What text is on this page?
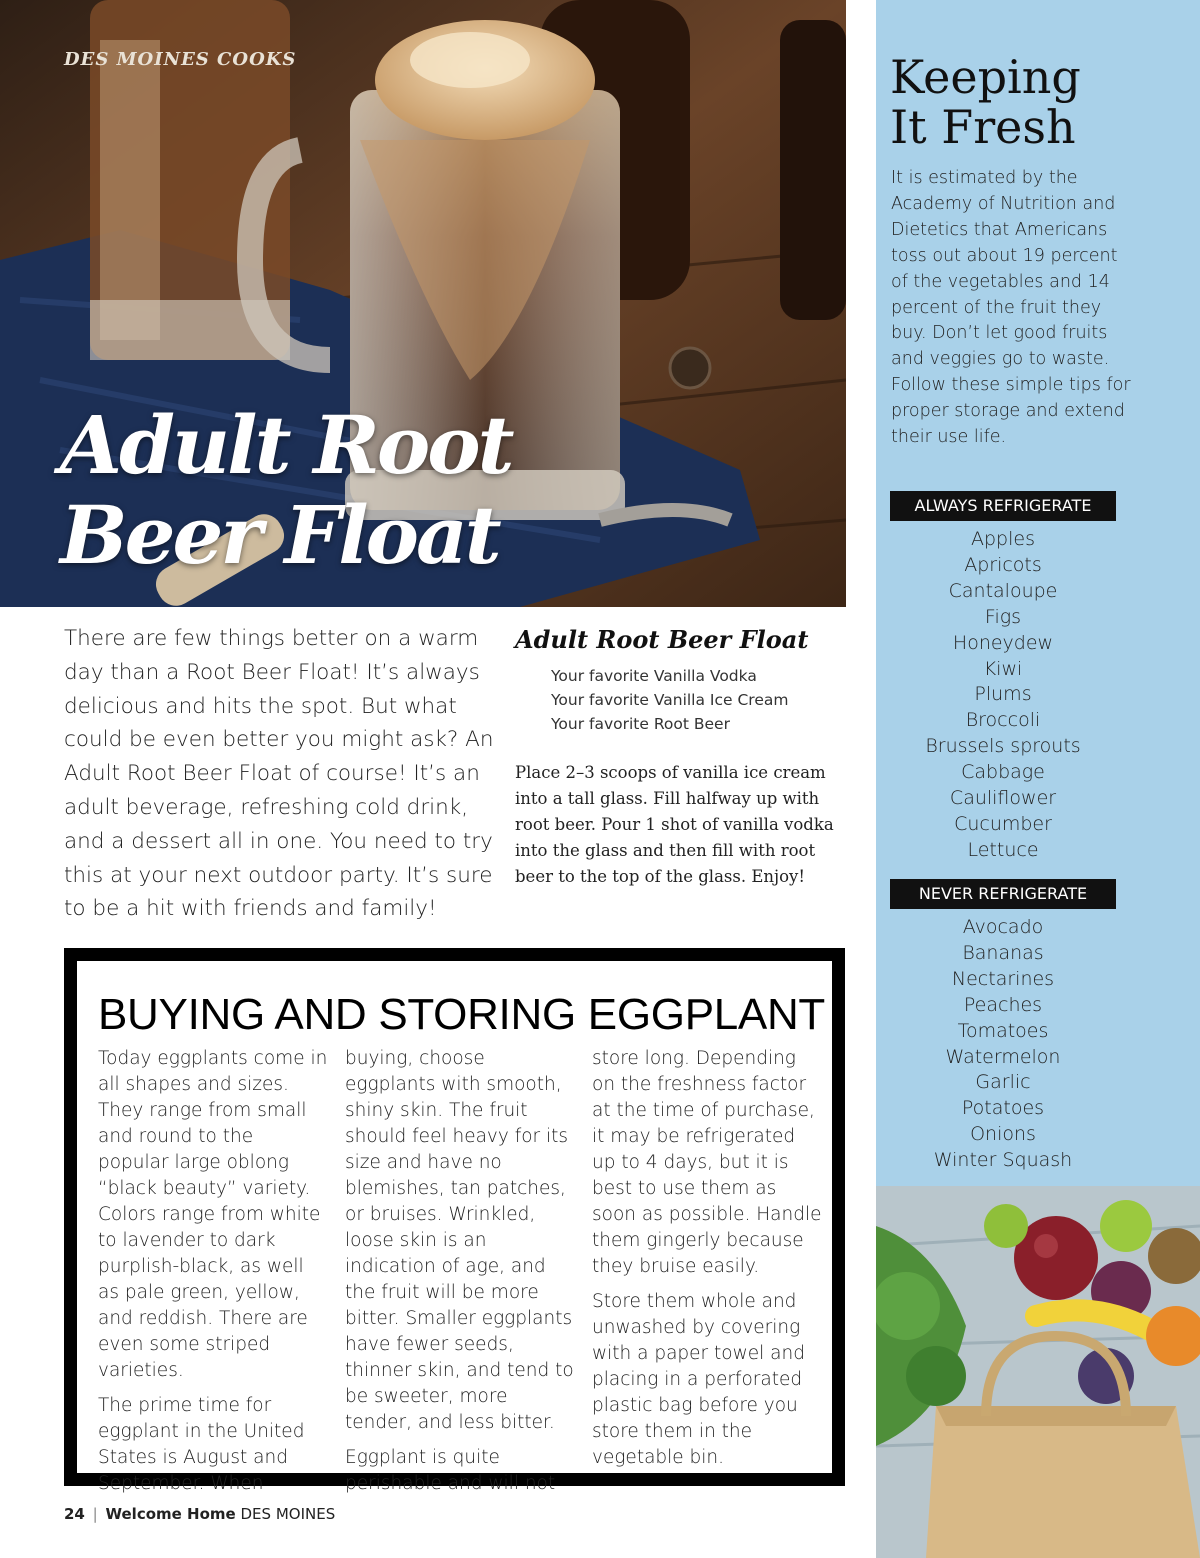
DES MOINES COOKS
Adult Root
Beer Float

There are few things better on a warm day than a Root Beer Float! It’s always delicious and hits the spot. But what could be even better you might ask? An Adult Root Beer Float of course! It’s an adult beverage, refreshing cold drink, and a dessert all in one. You need to try this at your next outdoor party. It’s sure to be a hit with friends and family!

Adult Root Beer Float
Your favorite Vanilla Vodka
Your favorite Vanilla Ice Cream
Your favorite Root Beer

Place 2–3 scoops of vanilla ice cream into a tall glass. Fill halfway up with root beer. Pour 1 shot of vanilla vodka into the glass and then fill with root beer to the top of the glass. Enjoy!

BUYING AND STORING EGGPLANT

Today eggplants come in all shapes and sizes. They range from small and round to the popular large oblong “black beauty” variety. Colors range from white to lavender to dark purplish-black, as well as pale green, yellow, and reddish. There are even some striped varieties.

The prime time for eggplant in the United States is August and September. When

buying, choose eggplants with smooth, shiny skin. The fruit should feel heavy for its size and have no blemishes, tan patches, or bruises. Wrinkled, loose skin is an indication of age, and the fruit will be more bitter. Smaller eggplants have fewer seeds, thinner skin, and tend to be sweeter, more tender, and less bitter.

Eggplant is quite perishable and will not

store long. Depending on the freshness factor at the time of purchase, it may be refrigerated up to 4 days, but it is best to use them as soon as possible. Handle them gingerly because they bruise easily.

Store them whole and unwashed by covering with a paper towel and placing in a perforated plastic bag before you store them in the vegetable bin.

24 | Welcome Home DES MOINES
Keeping
It Fresh

It is estimated by the Academy of Nutrition and Dietetics that Americans toss out about 19 percent of the vegetables and 14 percent of the fruit they buy. Don’t let good fruits and veggies go to waste. Follow these simple tips for proper storage and extend their use life.

ALWAYS REFRIGERATE
Apples
Apricots
Cantaloupe
Figs
Honeydew
Kiwi
Plums
Broccoli
Brussels sprouts
Cabbage
Cauliflower
Cucumber
Lettuce
NEVER REFRIGERATE
Avocado
Bananas
Nectarines
Peaches
Tomatoes
Watermelon
Garlic
Potatoes
Onions
Winter Squash
